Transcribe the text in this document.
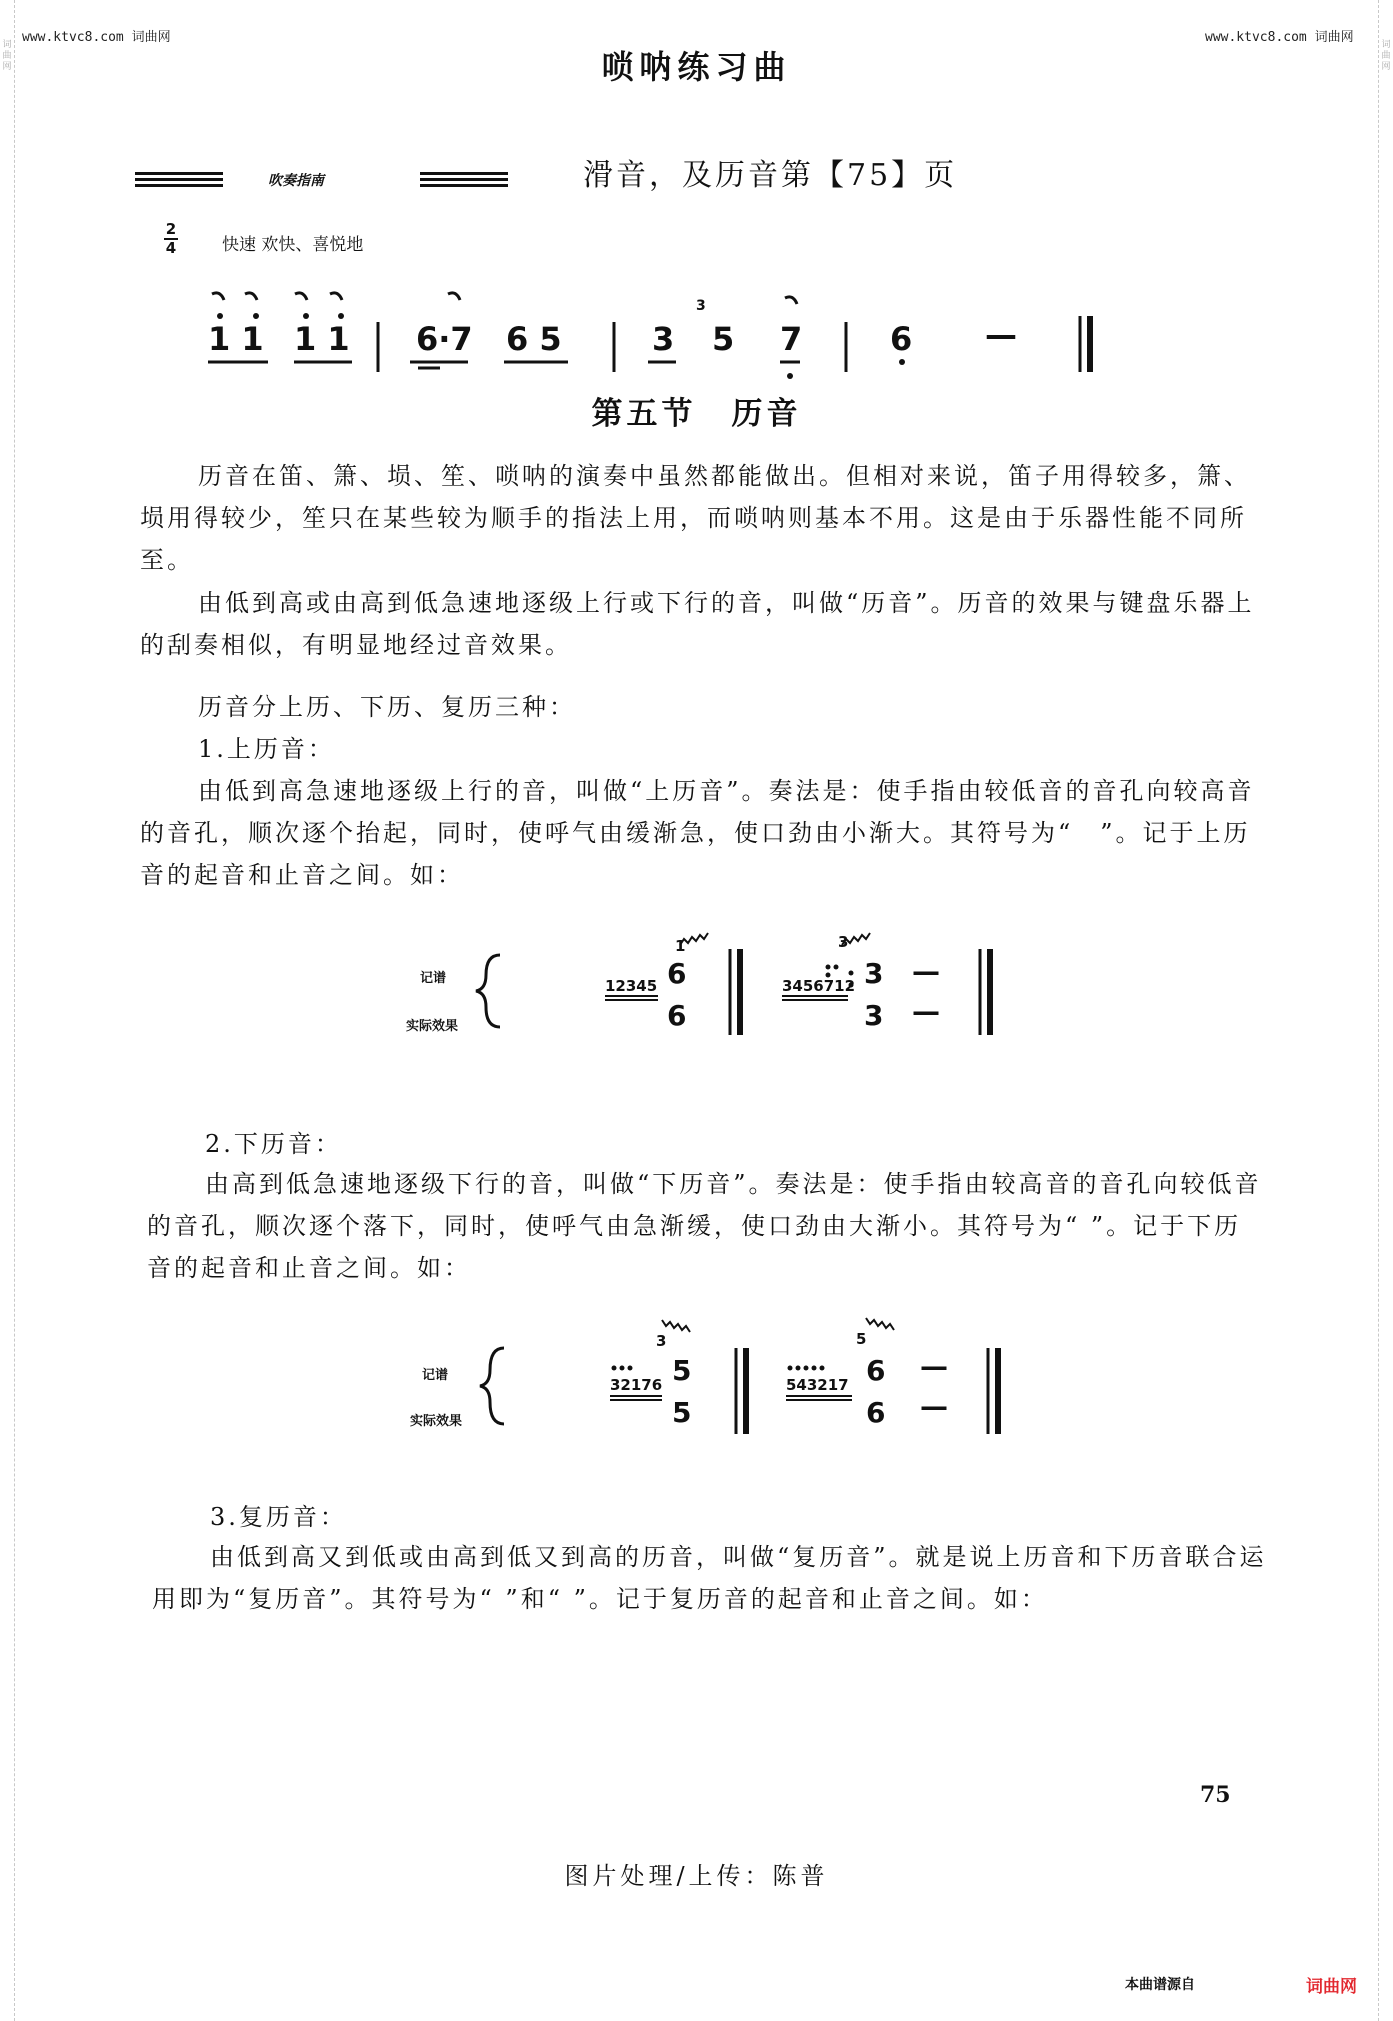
词
曲
网
词
曲
网
www.ktvc8.com 词曲网	www.ktvc8.com 词曲网
唢呐练习曲
吹奏指南	滑音，及历音第【75】页
2
4	快速 欢快、喜悦地
1 1 1 1 6·7 6 5	3
3
5 7	6 —
第五节　历音
历音在笛、箫、埙、笙、唢呐的演奏中虽然都能做出。但相对来说，笛子用得较多，箫、埙用得较少，笙只在某些较为顺手的指法上用，而唢呐则基本不用。这是由于乐器性能不同所至。
由低到高或由高到低急速地逐级上行或下行的音，叫做“历音”。历音的效果与键盘乐器上的刮奏相似，有明显地经过音效果。
历音分上历、下历、复历三种：
1.上历音：
由低到高急速地逐级上行的音，叫做“上历音”。奏法是：使手指由较低音的音孔向较高音的音孔，顺次逐个抬起，同时，使呼气由缓渐急，使口劲由小渐大。其符号为“　”。记于上历音的起音和止音之间。如：
记谱
实际效果
1
12345 6
6
3
3456712 3
3
—
—
2.下历音：
由高到低急速地逐级下行的音，叫做“下历音”。奏法是：使手指由较高音的音孔向较低音的音孔，顺次逐个落下，同时，使呼气由急渐缓，使口劲由大渐小。其符号为“ ”。记于下历音的起音和止音之间。如：
记谱
实际效果
3
32176 5
5
5
543217 6
6
—
—
3.复历音：
由低到高又到低或由高到低又到高的历音，叫做“复历音”。就是说上历音和下历音联合运用即为“复历音”。其符号为“ ”和“ ”。记于复历音的起音和止音之间。如：
75
图片处理/上传：陈普
本曲谱源自	词曲网
